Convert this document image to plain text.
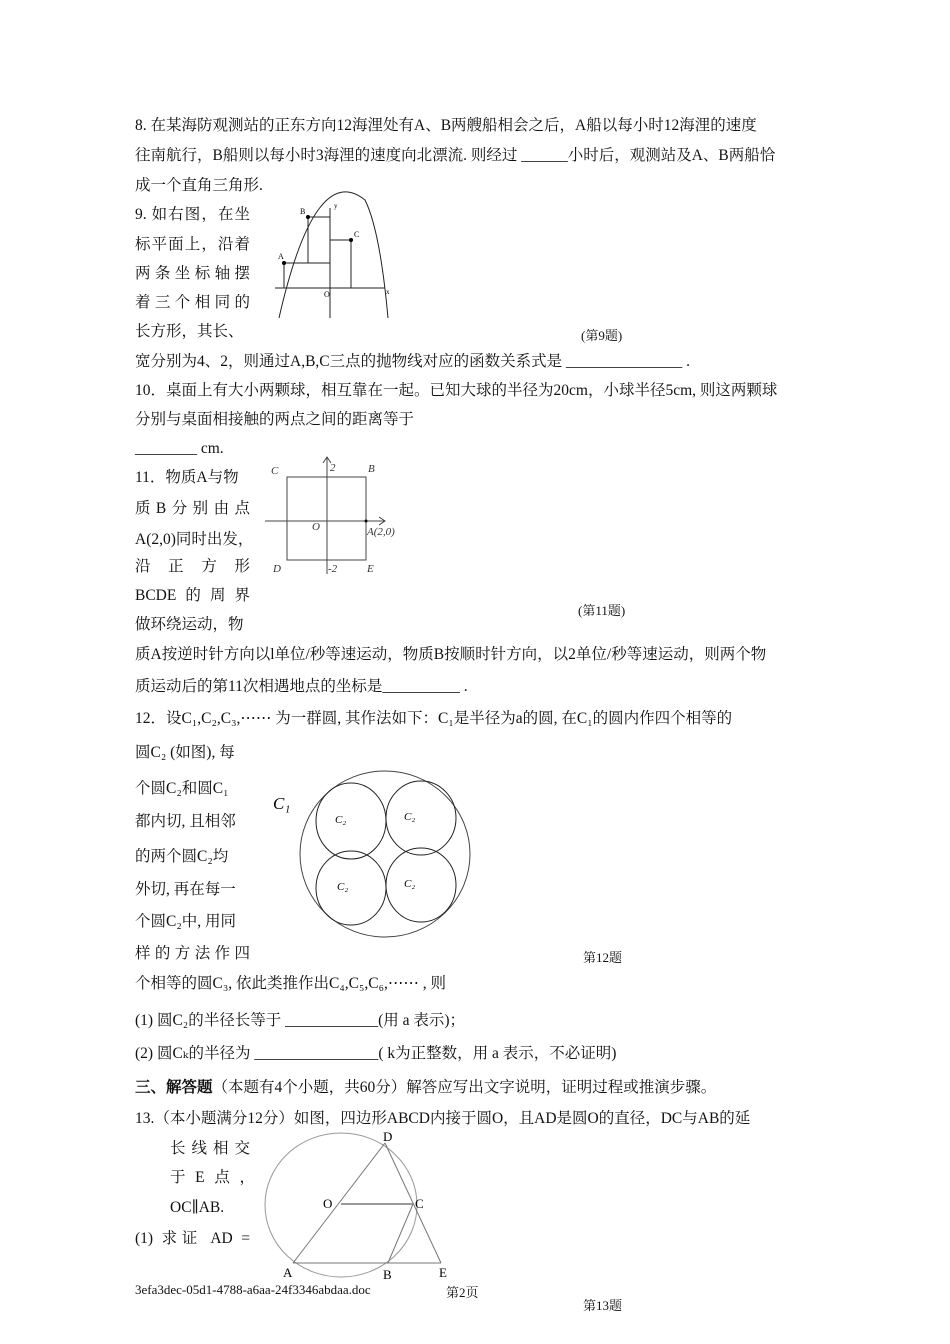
8. 在某海防观测站的正东方向12海浬处有A、B两艘船相会之后，A船以每小时12海浬的速度
往南航行，B船则以每小时3海浬的速度向北漂流. 则经过 ______小时后，观测站及A、B两船恰
成一个直角三角形.
9. 如右图，在坐
标平面上，沿着
两条坐标轴摆
着三个相同的
长方形，其长、	(第9题)
A
B
C
O	x
y
宽分别为4、2，则通过A,B,C三点的抛物线对应的函数关系式是 _______________ .
10．桌面上有大小两颗球，相互靠在一起。已知大球的半径为20cm，小球半径5cm, 则这两颗球
分别与桌面相接触的两点之间的距离等于
________ cm.
11．物质A与物
质B分别由点
A(2,0)同时出发，
沿正方形
BCDE的周界
做环绕运动，物
(第11题)
C	B
D	E
O	A(2,0)
2
-2
质A按逆时针方向以l单位/秒等速运动，物质B按顺时针方向，以2单位/秒等速运动，则两个物
质运动后的第11次相遇地点的坐标是__________ .
12．设C₁,C₂,C₃,⋯⋯ 为一群圆, 其作法如下：C₁是半径为a的圆, 在C₁的圆内作四个相等的
圆C₂ (如图), 每
个圆C₂和圆C₁
都内切, 且相邻
的两个圆C₂均
外切, 再在每一
个圆C₂中, 用同
样的方法作四	第12题
C₁
C₂	C₂
C₂	C₂
个相等的圆C₃, 依此类推作出C₄,C₅,C₆,⋯⋯ , 则
(1) 圆C₂的半径长等于 ____________(用 a 表示)；
(2) 圆Cₖ的半径为 ________________( k为正整数，用 a 表示，不必证明)
三、解答题（本题有4个小题，共60分）解答应写出文字说明，证明过程或推演步骤。
13.（本小题满分12分）如图，四边形ABCD内接于圆O，且AD是圆O的直径，DC与AB的延
长线相交
于E点，
OC∥AB.
(1) 求证 AD =
D
O	C
A	B	E
3efa3dec-05d1-4788-a6aa-24f3346abdaa.doc	第2页
第13题
